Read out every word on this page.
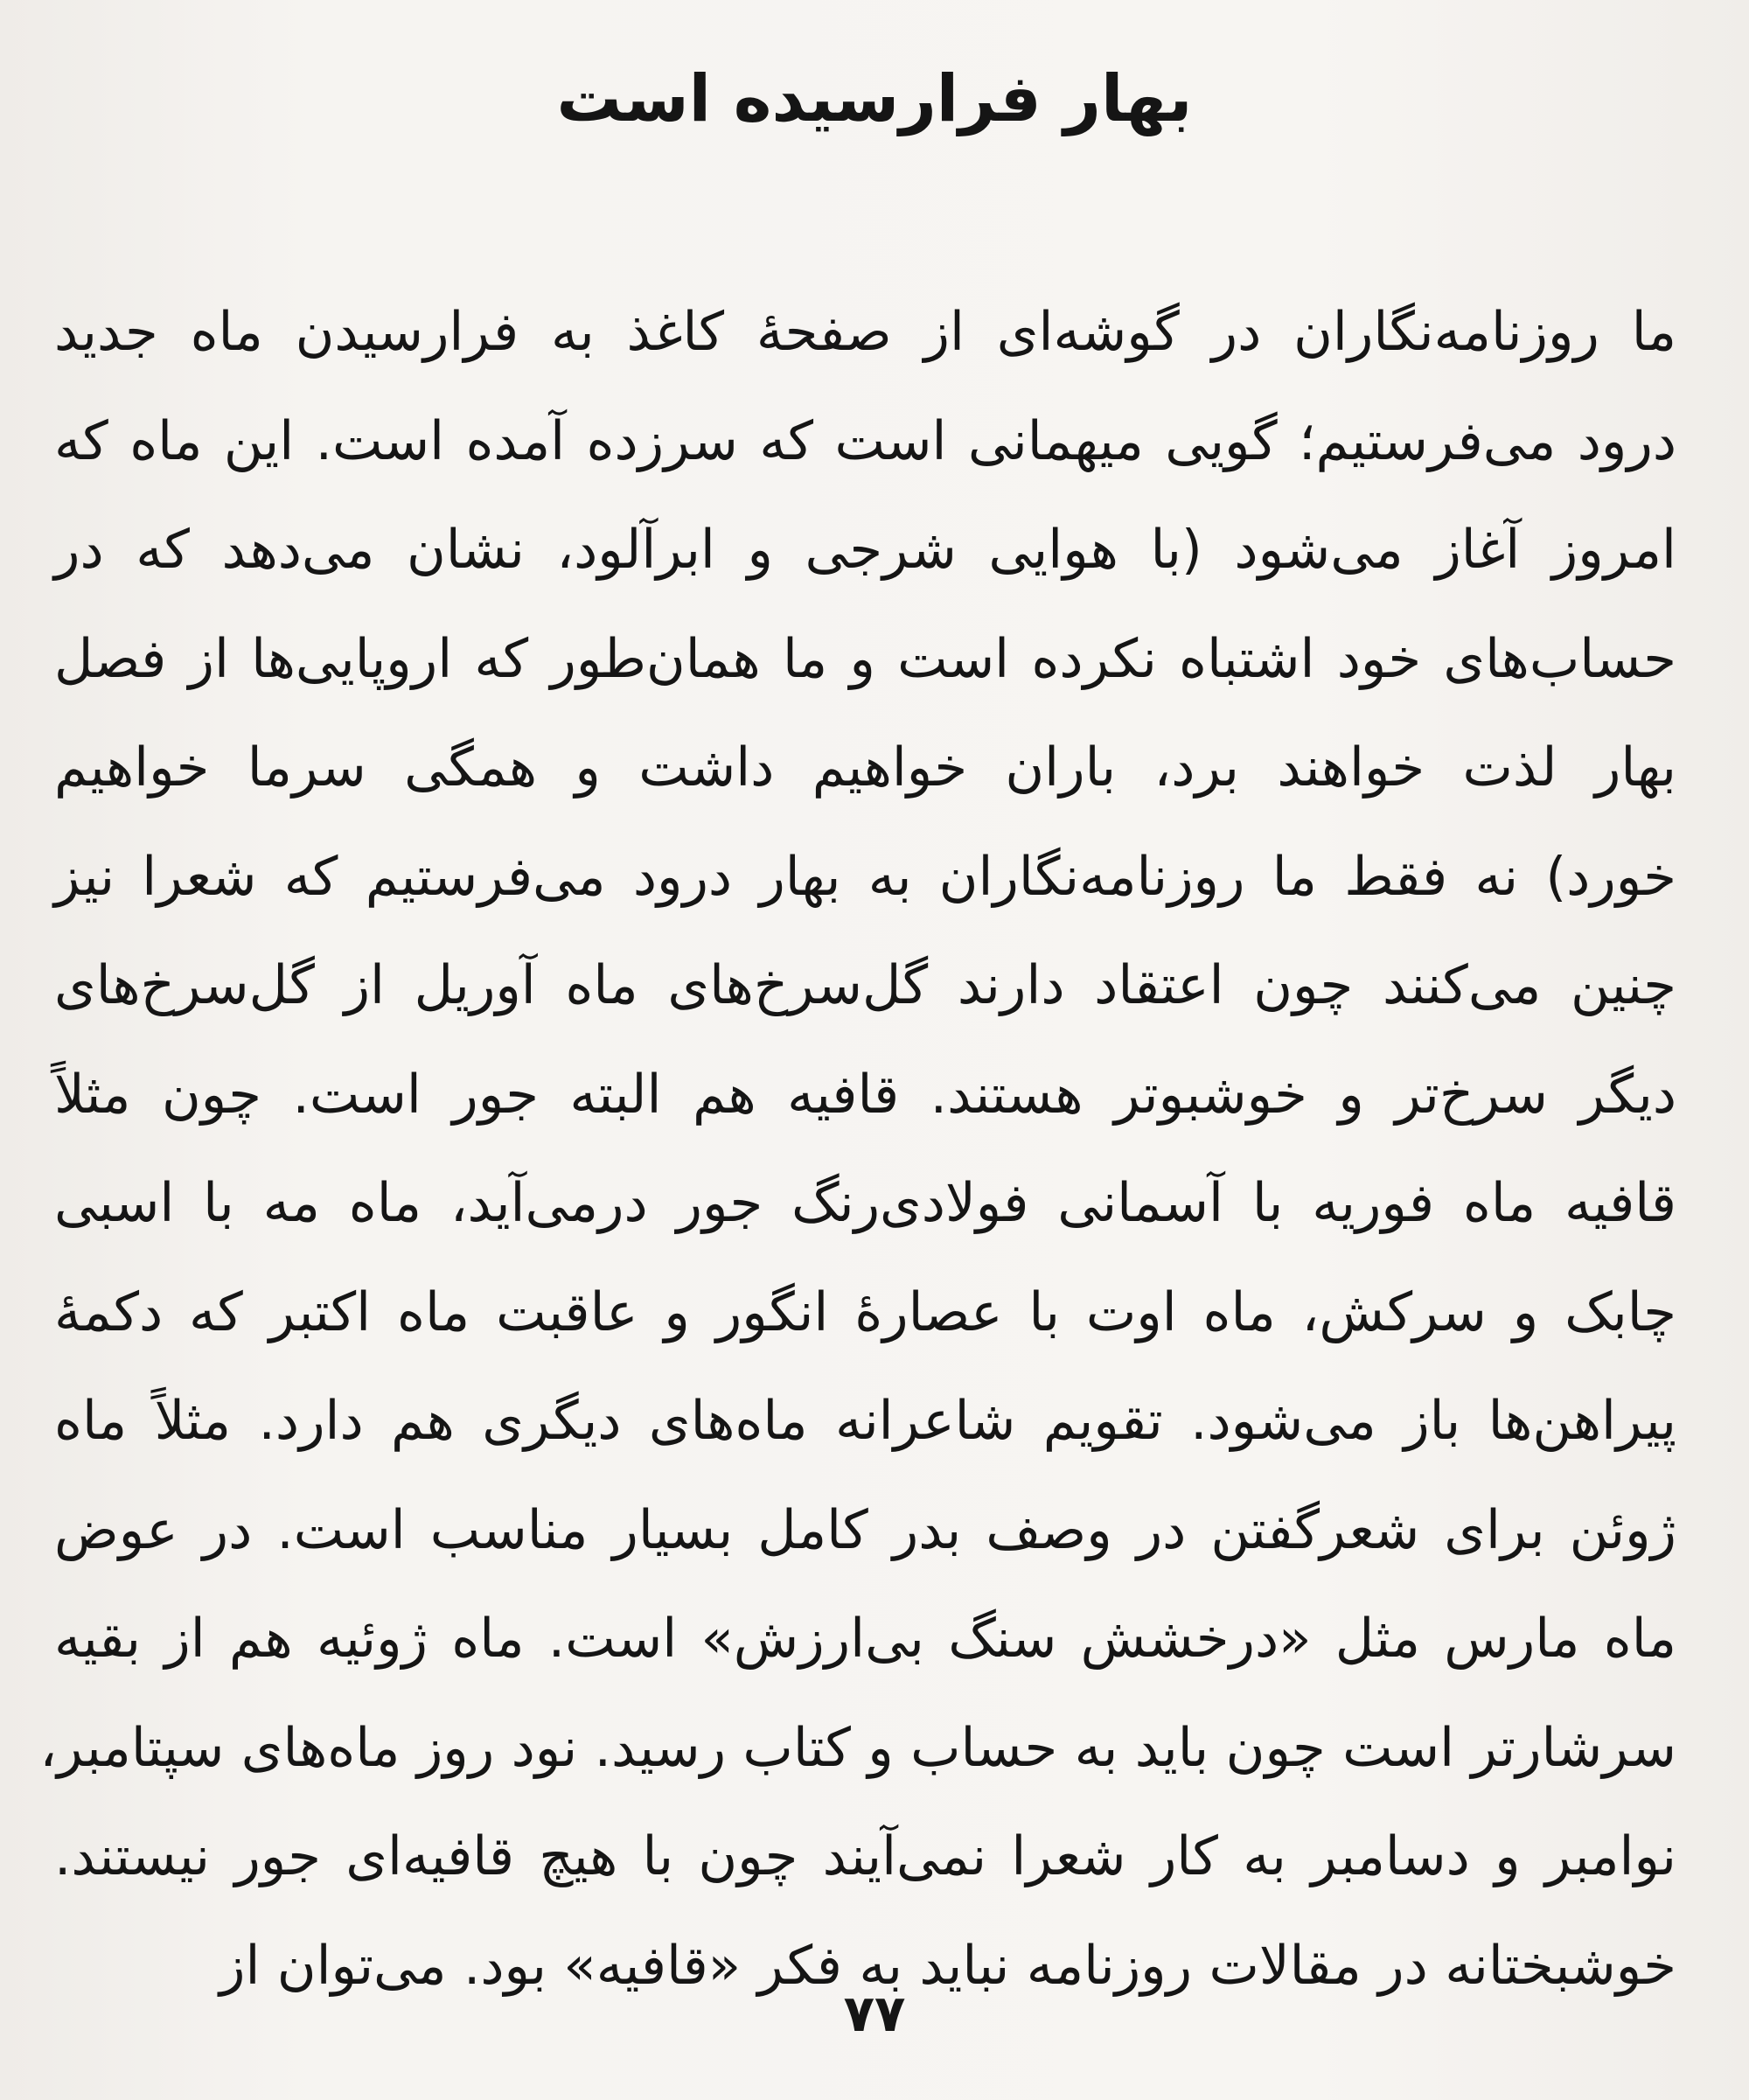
بهار فرارسیده است
ما روزنامه‌نگاران در گوشه‌ای از صفحهٔ کاغذ به فرارسیدن ماه جدید
درود می‌فرستیم؛ گویی میهمانی است که سرزده آمده است. این ماه که
امروز آغاز می‌شود (با هوایی شرجی و ابرآلود، نشان می‌دهد که در
حساب‌های خود اشتباه نکرده است و ما همان‌طور که اروپایی‌ها از فصل
بهار لذت خواهند برد، باران خواهیم داشت و همگی سرما خواهیم
خورد) نه فقط ما روزنامه‌نگاران به بهار درود می‌فرستیم که شعرا نیز
چنین می‌کنند چون اعتقاد دارند گل‌سرخ‌های ماه آوریل از گل‌سرخ‌های
دیگر سرخ‌تر و خوشبوتر هستند. قافیه هم البته جور است. چون مثلاً
قافیه ماه فوریه با آسمانی فولادی‌رنگ جور درمی‌آید، ماه مه با اسبی
چابک و سرکش، ماه اوت با عصارهٔ انگور و عاقبت ماه اکتبر که دکمهٔ
پیراهن‌ها باز می‌شود. تقویم شاعرانه ماه‌های دیگری هم دارد. مثلاً ماه
ژوئن برای شعرگفتن در وصف بدر کامل بسیار مناسب است. در عوض
ماه مارس مثل «درخشش سنگ بی‌ارزش» است. ماه ژوئیه هم از بقیه
سرشارتر است چون باید به حساب و کتاب رسید. نود روز ماه‌های سپتامبر،
نوامبر و دسامبر به کار شعرا نمی‌آیند چون با هیچ قافیه‌ای جور نیستند.
خوشبختانه در مقالات روزنامه نباید به فکر «قافیه» بود. می‌توان از
۷۷
